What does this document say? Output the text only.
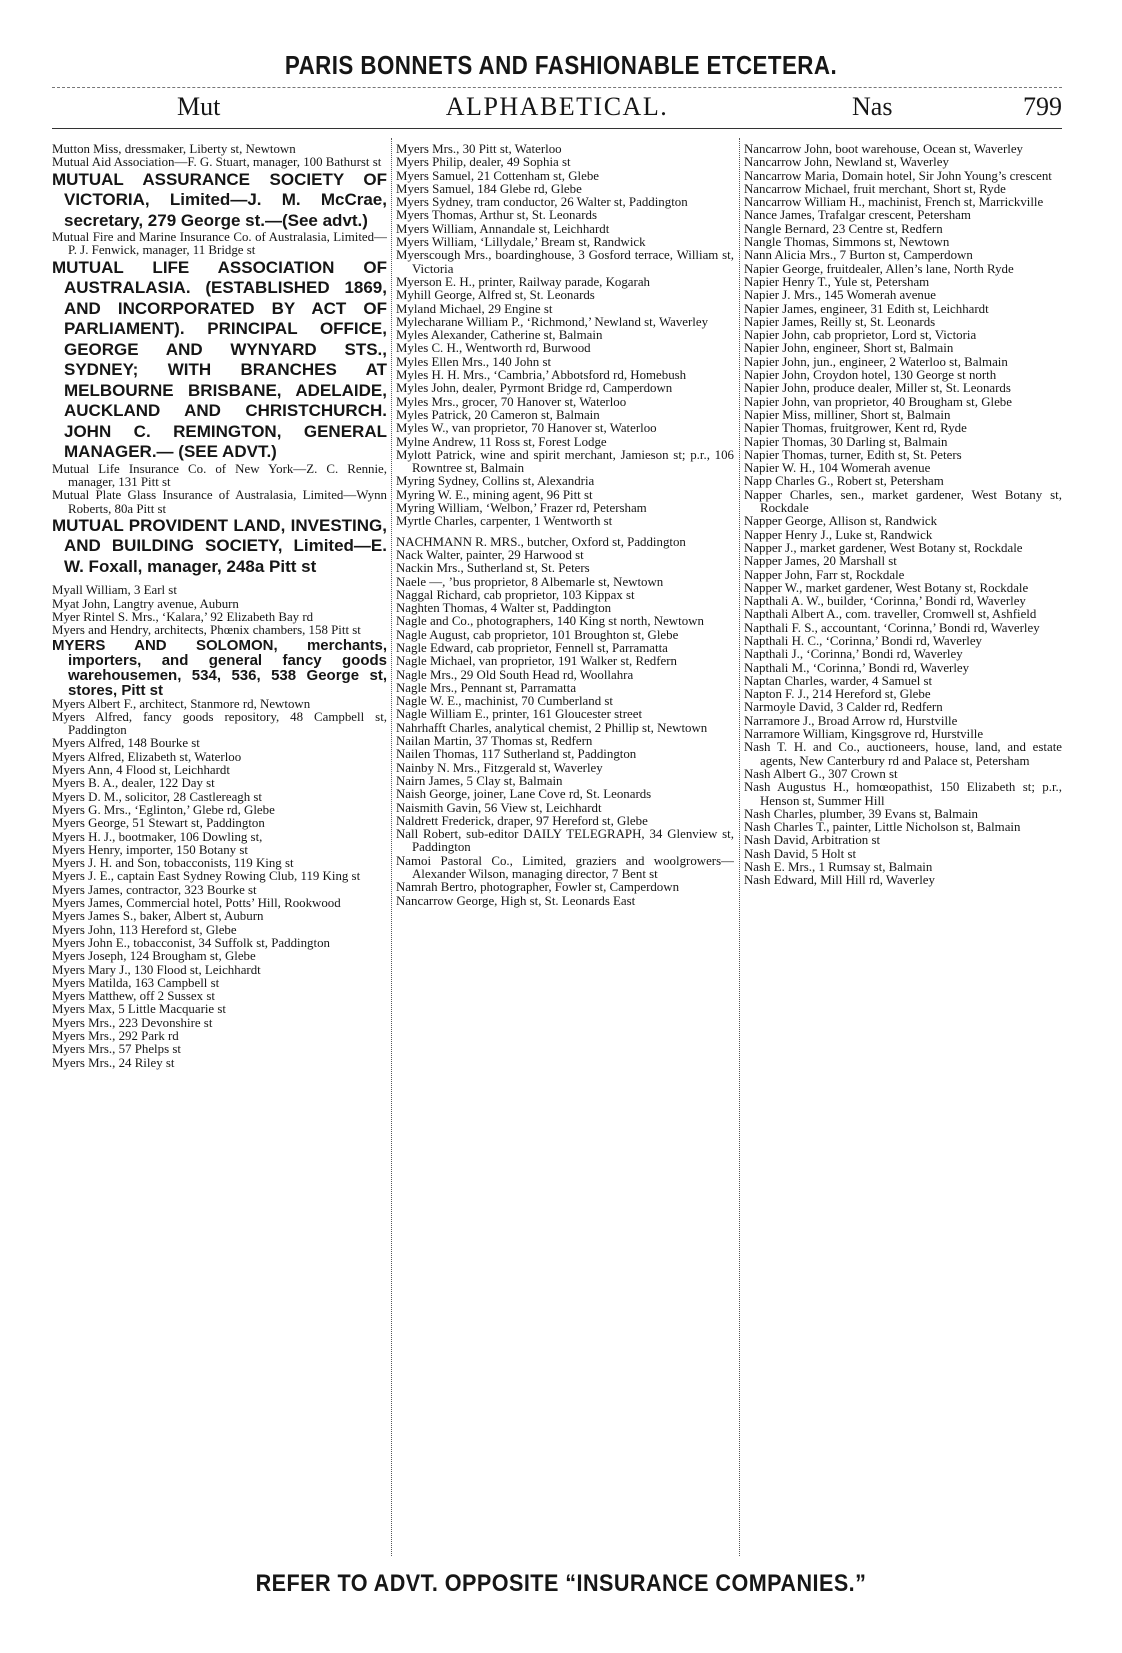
PARIS BONNETS AND FASHIONABLE ETCETERA.
ALPHABETICAL.
Mut	Nas	799

Mutton Miss, dressmaker, Liberty st, Newtown

Mutual Aid Association—F. G. Stuart, manager, 100 Bathurst st

MUTUAL ASSURANCE SOCIETY OF VICTORIA, Limited—J. M. McCrae, secretary, 279 George st.—(See advt.)

Mutual Fire and Marine Insurance Co. of Australasia, Limited—P. J. Fenwick, manager, 11 Bridge st

MUTUAL LIFE ASSOCIATION OF AUSTRALASIA. (ESTABLISHED 1869, AND INCORPORATED BY ACT OF PARLIAMENT). PRINCIPAL OFFICE, GEORGE AND WYNYARD STS., SYDNEY; WITH BRANCHES AT MELBOURNE BRISBANE, ADELAIDE, AUCKLAND AND CHRISTCHURCH. JOHN C. REMINGTON, GENERAL MANAGER.— (SEE ADVT.)

Mutual Life Insurance Co. of New York—Z. C. Rennie, manager, 131 Pitt st

Mutual Plate Glass Insurance of Australasia, Limited—Wynn Roberts, 80a Pitt st

MUTUAL PROVIDENT LAND, INVESTING, AND BUILDING SOCIETY, Limited—E. W. Foxall, manager, 248a Pitt st

Myall William, 3 Earl st

Myat John, Langtry avenue, Auburn

Myer Rintel S. Mrs., ‘Kalara,’ 92 Elizabeth Bay rd

Myers and Hendry, architects, Phœnix chambers, 158 Pitt st

MYERS AND SOLOMON, merchants, importers, and general fancy goods warehousemen, 534, 536, 538 George st, stores, Pitt st

Myers Albert F., architect, Stanmore rd, Newtown

Myers Alfred, fancy goods repository, 48 Campbell st, Paddington

Myers Alfred, 148 Bourke st

Myers Alfred, Elizabeth st, Waterloo

Myers Ann, 4 Flood st, Leichhardt

Myers B. A., dealer, 122 Day st

Myers D. M., solicitor, 28 Castlereagh st

Myers G. Mrs., ‘Eglinton,’ Glebe rd, Glebe

Myers George, 51 Stewart st, Paddington

Myers H. J., bootmaker, 106 Dowling st,

Myers Henry, importer, 150 Botany st

Myers J. H. and Son, tobacconists, 119 King st

Myers J. E., captain East Sydney Rowing Club, 119 King st

Myers James, contractor, 323 Bourke st

Myers James, Commercial hotel, Potts’ Hill, Rookwood

Myers James S., baker, Albert st, Auburn

Myers John, 113 Hereford st, Glebe

Myers John E., tobacconist, 34 Suffolk st, Paddington

Myers Joseph, 124 Brougham st, Glebe

Myers Mary J., 130 Flood st, Leichhardt

Myers Matilda, 163 Campbell st

Myers Matthew, off 2 Sussex st

Myers Max, 5 Little Macquarie st

Myers Mrs., 223 Devonshire st

Myers Mrs., 292 Park rd

Myers Mrs., 57 Phelps st

Myers Mrs., 24 Riley st

Myers Mrs., 30 Pitt st, Waterloo

Myers Philip, dealer, 49 Sophia st

Myers Samuel, 21 Cottenham st, Glebe

Myers Samuel, 184 Glebe rd, Glebe

Myers Sydney, tram conductor, 26 Walter st, Paddington

Myers Thomas, Arthur st, St. Leonards

Myers William, Annandale st, Leichhardt

Myers William, ‘Lillydale,’ Bream st, Randwick

Myerscough Mrs., boardinghouse, 3 Gosford terrace, William st, Victoria

Myerson E. H., printer, Railway parade, Kogarah

Myhill George, Alfred st, St. Leonards

Myland Michael, 29 Engine st

Mylecharane William P., ‘Richmond,’ Newland st, Waverley

Myles Alexander, Catherine st, Balmain

Myles C. H., Wentworth rd, Burwood

Myles Ellen Mrs., 140 John st

Myles H. H. Mrs., ‘Cambria,’ Abbotsford rd, Homebush

Myles John, dealer, Pyrmont Bridge rd, Camperdown

Myles Mrs., grocer, 70 Hanover st, Waterloo

Myles Patrick, 20 Cameron st, Balmain

Myles W., van proprietor, 70 Hanover st, Waterloo

Mylne Andrew, 11 Ross st, Forest Lodge

Mylott Patrick, wine and spirit merchant, Jamieson st; p.r., 106 Rowntree st, Balmain

Myring Sydney, Collins st, Alexandria

Myring W. E., mining agent, 96 Pitt st

Myring William, ‘Welbon,’ Frazer rd, Petersham

Myrtle Charles, carpenter, 1 Wentworth st

NACHMANN R. MRS., butcher, Oxford st, Paddington

Nack Walter, painter, 29 Harwood st

Nackin Mrs., Sutherland st, St. Peters

Naele —, ’bus proprietor, 8 Albemarle st, Newtown

Naggal Richard, cab proprietor, 103 Kippax st

Naghten Thomas, 4 Walter st, Paddington

Nagle and Co., photographers, 140 King st north, Newtown

Nagle August, cab proprietor, 101 Broughton st, Glebe

Nagle Edward, cab proprietor, Fennell st, Parramatta

Nagle Michael, van proprietor, 191 Walker st, Redfern

Nagle Mrs., 29 Old South Head rd, Woollahra

Nagle Mrs., Pennant st, Parramatta

Nagle W. E., machinist, 70 Cumberland st

Nagle William E., printer, 161 Gloucester street

Nahrhafft Charles, analytical chemist, 2 Phillip st, Newtown

Nailan Martin, 37 Thomas st, Redfern

Nailen Thomas, 117 Sutherland st, Paddington

Nainby N. Mrs., Fitzgerald st, Waverley

Nairn James, 5 Clay st, Balmain

Naish George, joiner, Lane Cove rd, St. Leonards

Naismith Gavin, 56 View st, Leichhardt

Naldrett Frederick, draper, 97 Hereford st, Glebe

Nall Robert, sub-editor DAILY TELEGRAPH, 34 Glenview st, Paddington

Namoi Pastoral Co., Limited, graziers and woolgrowers—Alexander Wilson, managing director, 7 Bent st

Namrah Bertro, photographer, Fowler st, Camperdown

Nancarrow George, High st, St. Leonards East

Nancarrow John, boot warehouse, Ocean st, Waverley

Nancarrow John, Newland st, Waverley

Nancarrow Maria, Domain hotel, Sir John Young’s crescent

Nancarrow Michael, fruit merchant, Short st, Ryde

Nancarrow William H., machinist, French st, Marrickville

Nance James, Trafalgar crescent, Petersham

Nangle Bernard, 23 Centre st, Redfern

Nangle Thomas, Simmons st, Newtown

Nann Alicia Mrs., 7 Burton st, Camperdown

Napier George, fruitdealer, Allen’s lane, North Ryde

Napier Henry T., Yule st, Petersham

Napier J. Mrs., 145 Womerah avenue

Napier James, engineer, 31 Edith st, Leichhardt

Napier James, Reilly st, St. Leonards

Napier John, cab proprietor, Lord st, Victoria

Napier John, engineer, Short st, Balmain

Napier John, jun., engineer, 2 Waterloo st, Balmain

Napier John, Croydon hotel, 130 George st north

Napier John, produce dealer, Miller st, St. Leonards

Napier John, van proprietor, 40 Brougham st, Glebe

Napier Miss, milliner, Short st, Balmain

Napier Thomas, fruitgrower, Kent rd, Ryde

Napier Thomas, 30 Darling st, Balmain

Napier Thomas, turner, Edith st, St. Peters

Napier W. H., 104 Womerah avenue

Napp Charles G., Robert st, Petersham

Napper Charles, sen., market gardener, West Botany st, Rockdale

Napper George, Allison st, Randwick

Napper Henry J., Luke st, Randwick

Napper J., market gardener, West Botany st, Rockdale

Napper James, 20 Marshall st

Napper John, Farr st, Rockdale

Napper W., market gardener, West Botany st, Rockdale

Napthali A. W., builder, ‘Corinna,’ Bondi rd, Waverley

Napthali Albert A., com. traveller, Cromwell st, Ashfield

Napthali F. S., accountant, ‘Corinna,’ Bondi rd, Waverley

Napthali H. C., ‘Corinna,’ Bondi rd, Waverley

Napthali J., ‘Corinna,’ Bondi rd, Waverley

Napthali M., ‘Corinna,’ Bondi rd, Waverley

Naptan Charles, warder, 4 Samuel st

Napton F. J., 214 Hereford st, Glebe

Narmoyle David, 3 Calder rd, Redfern

Narramore J., Broad Arrow rd, Hurstville

Narramore William, Kingsgrove rd, Hurstville

Nash T. H. and Co., auctioneers, house, land, and estate agents, New Canterbury rd and Palace st, Petersham

Nash Albert G., 307 Crown st

Nash Augustus H., homœopathist, 150 Elizabeth st; p.r., Henson st, Summer Hill

Nash Charles, plumber, 39 Evans st, Balmain

Nash Charles T., painter, Little Nicholson st, Balmain

Nash David, Arbitration st

Nash David, 5 Holt st

Nash E. Mrs., 1 Rumsay st, Balmain

Nash Edward, Mill Hill rd, Waverley

REFER TO ADVT. OPPOSITE “INSURANCE COMPANIES.”
